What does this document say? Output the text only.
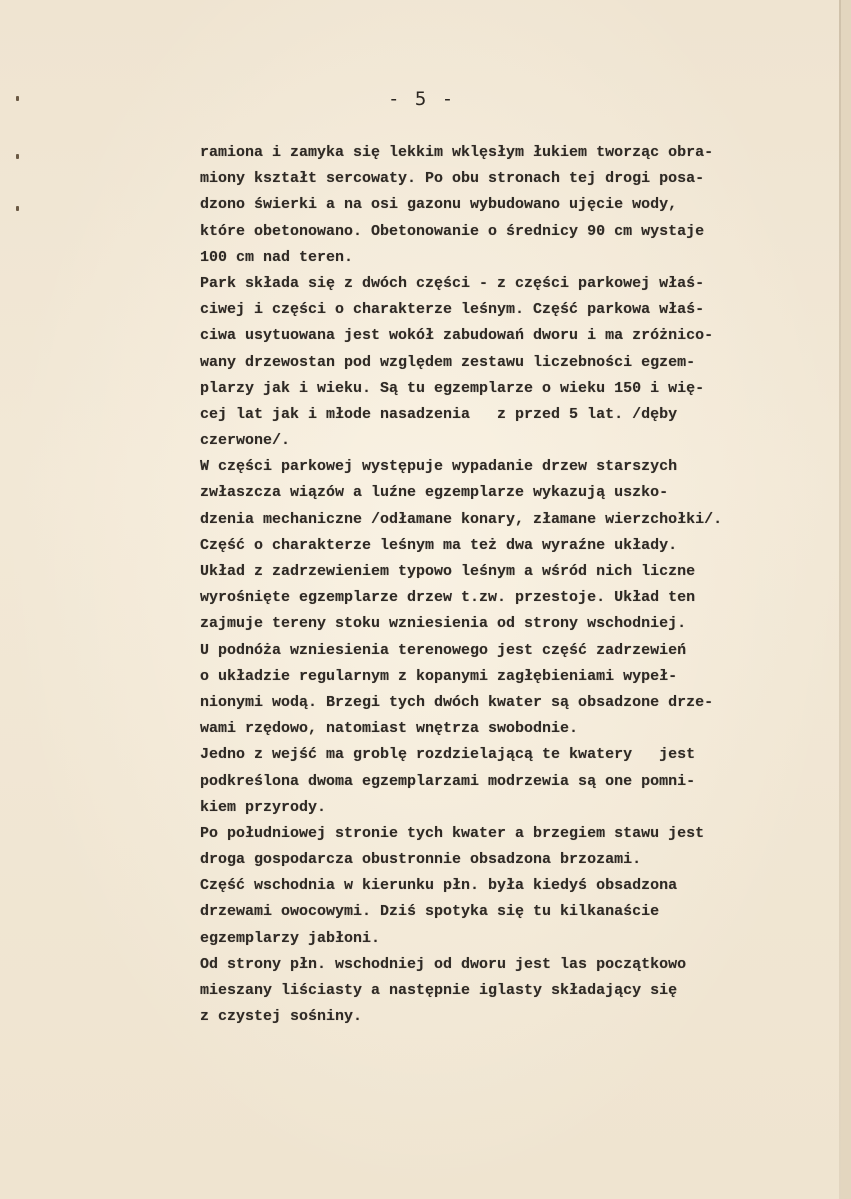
- 5 -
ramiona i zamyka się lekkim wklęsłym łukiem tworząc obra-
miony kształt sercowaty. Po obu stronach tej drogi posa-
dzono świerki a na osi gazonu wybudowano ujęcie wody,
które obetonowano. Obetonowanie o średnicy 90 cm wystaje
100 cm nad teren.
Park składa się z dwóch części - z części parkowej właś-
ciwej i części o charakterze leśnym. Część parkowa właś-
ciwa usytuowana jest wokół zabudowań dworu i ma zróżnico-
wany drzewostan pod względem zestawu liczebności egzem-
plarzy jak i wieku. Są tu egzemplarze o wieku 150 i wię-
cej lat jak i młode nasadzenia   z przed 5 lat. /dęby
czerwone/.
W części parkowej występuje wypadanie drzew starszych
zwłaszcza wiązów a luźne egzemplarze wykazują uszko-
dzenia mechaniczne /odłamane konary, złamane wierzchołki/.
Część o charakterze leśnym ma też dwa wyraźne układy.
Układ z zadrzewieniem typowo leśnym a wśród nich liczne
wyrośnięte egzemplarze drzew t.zw. przestoje. Układ ten
zajmuje tereny stoku wzniesienia od strony wschodniej.
U podnóża wzniesienia terenowego jest część zadrzewień
o układzie regularnym z kopanymi zagłębieniami wypeł-
nionymi wodą. Brzegi tych dwóch kwater są obsadzone drze-
wami rzędowo, natomiast wnętrza swobodnie.
Jedno z wejść ma groblę rozdzielającą te kwatery   jest
podkreślona dwoma egzemplarzami modrzewia są one pomni-
kiem przyrody.
Po południowej stronie tych kwater a brzegiem stawu jest
droga gospodarcza obustronnie obsadzona brzozami.
Część wschodnia w kierunku płn. była kiedyś obsadzona
drzewami owocowymi. Dziś spotyka się tu kilkanaście
egzemplarzy jabłoni.
Od strony płn. wschodniej od dworu jest las początkowo
mieszany liściasty a następnie iglasty składający się
z czystej sośniny.
